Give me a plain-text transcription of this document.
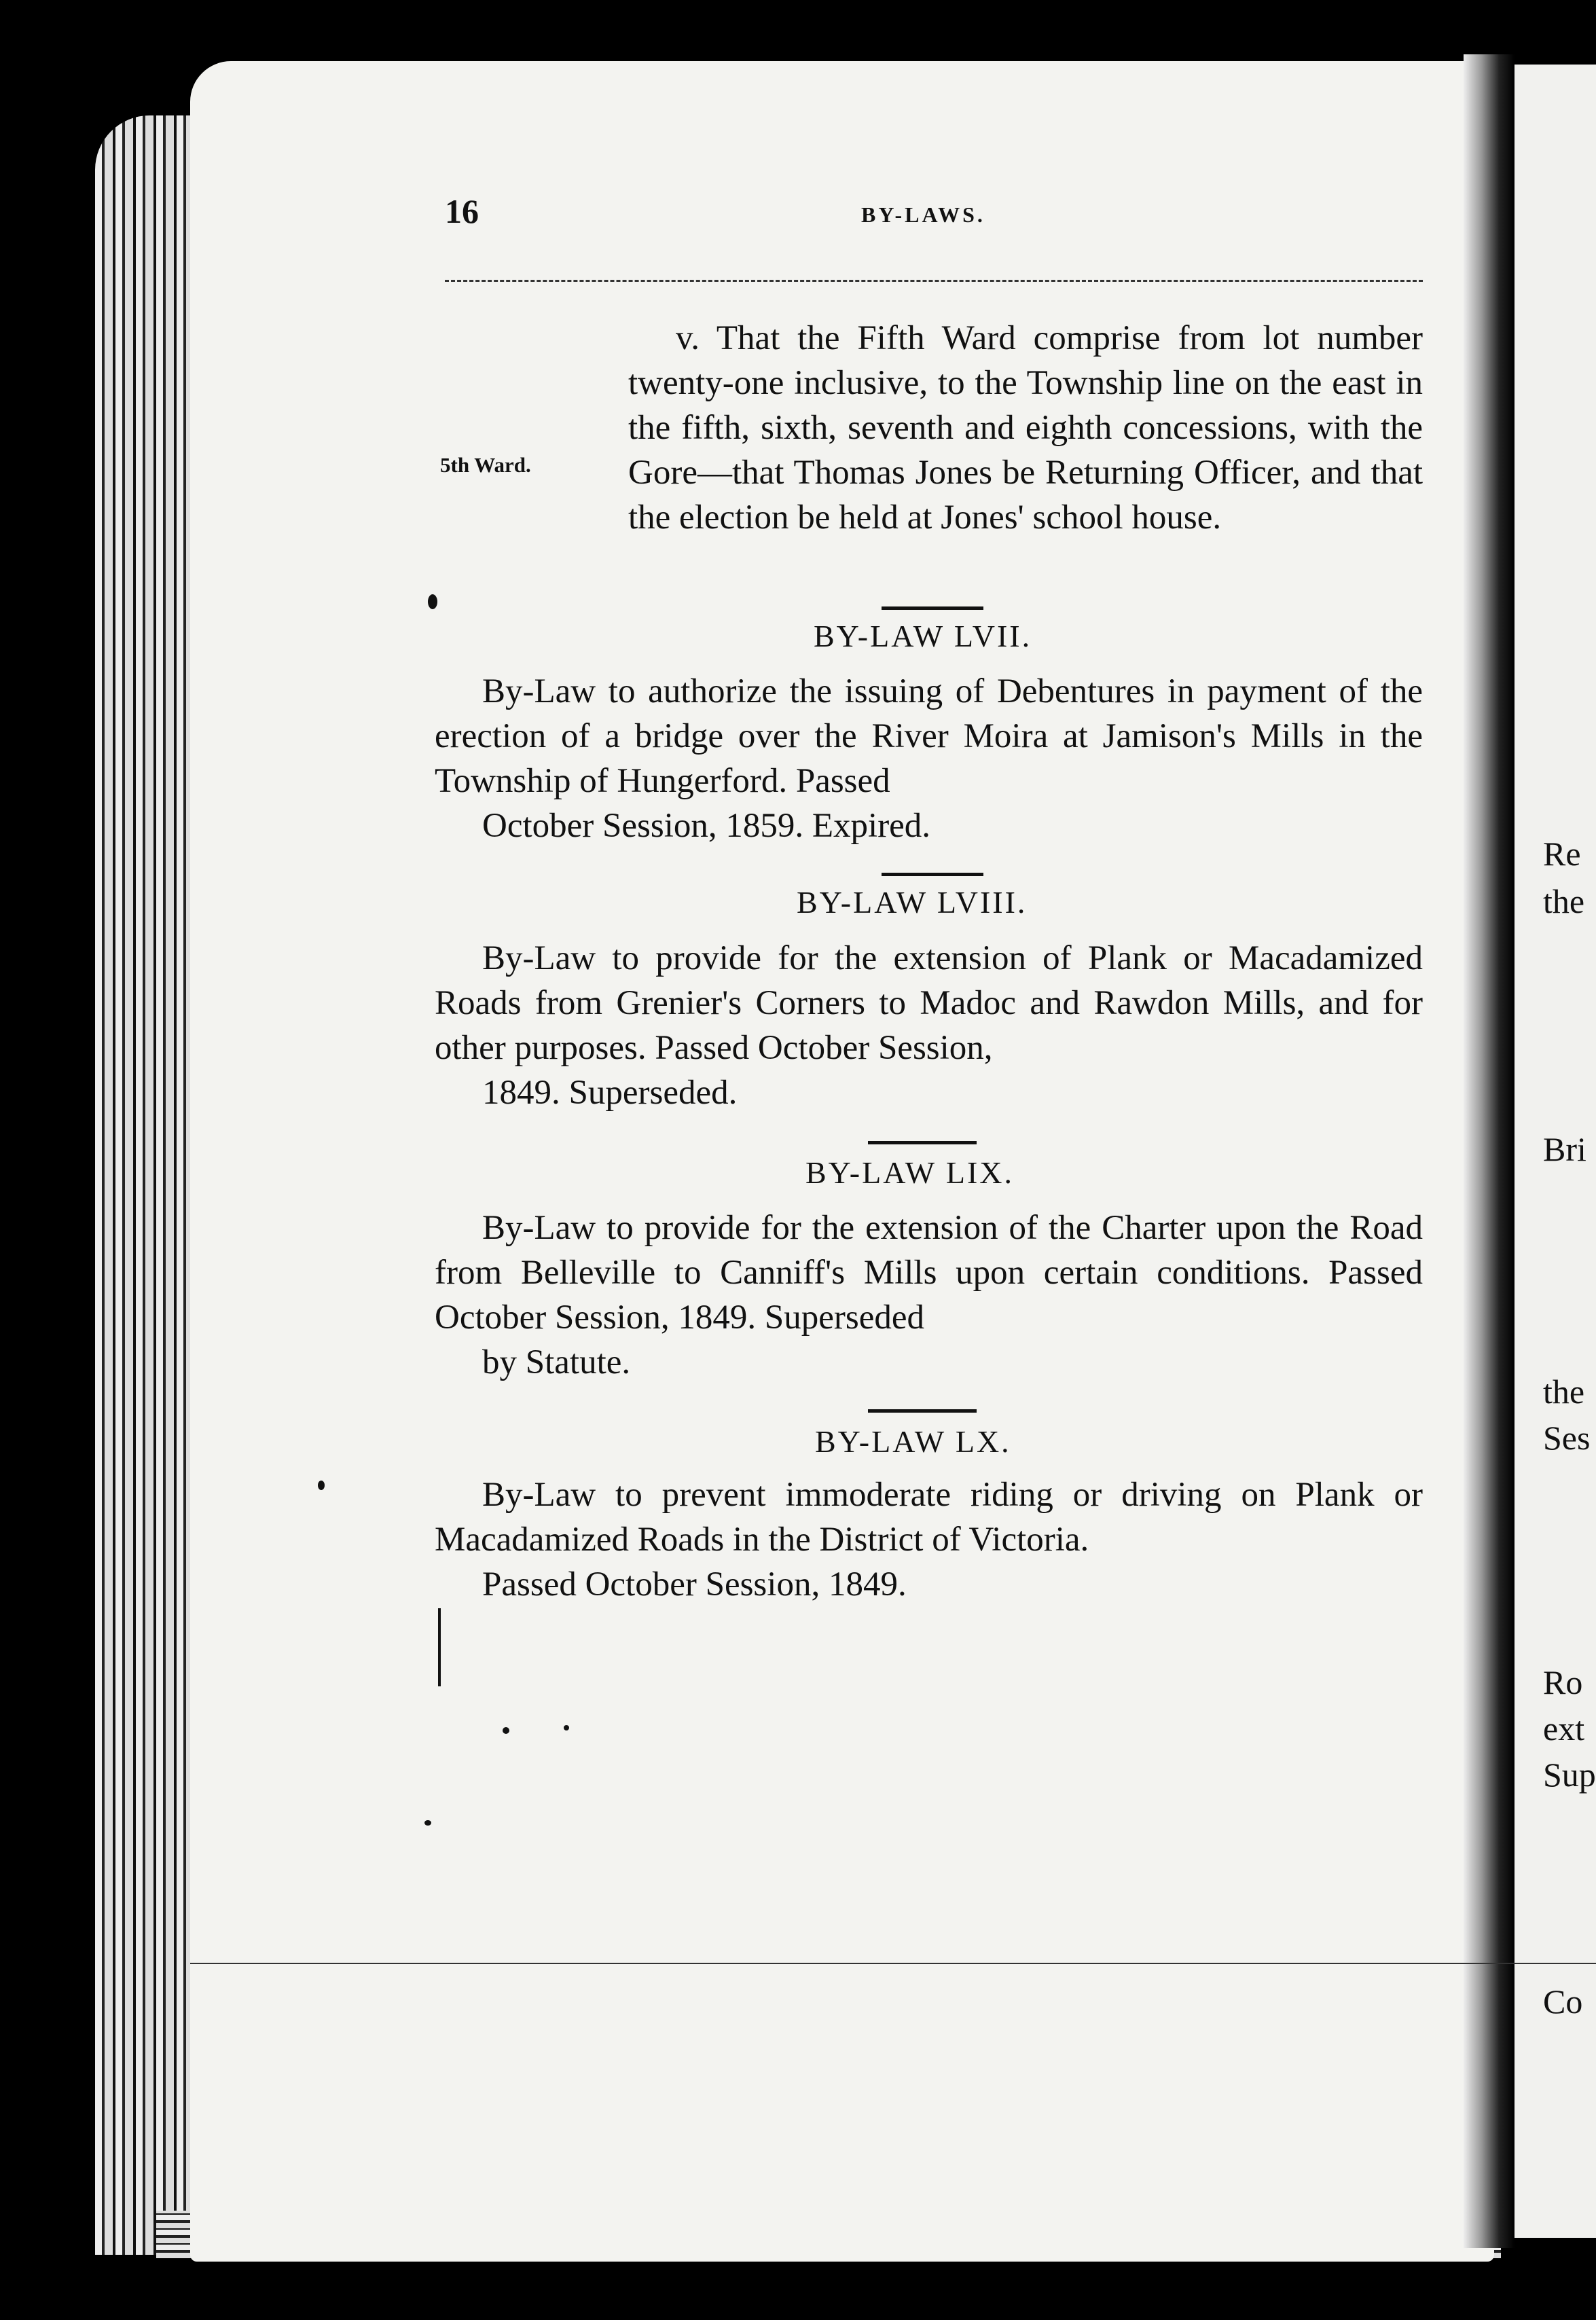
16	BY-LAWS.
5th Ward.
v. That the Fifth Ward comprise from lot number twenty-one inclusive, to the Township line on the east in the fifth, sixth, seventh and eighth concessions, with the Gore—that Thomas Jones be Returning Officer, and that the election be held at Jones' school house.
BY-LAW LVII.
By-Law to authorize the issuing of Debentures in payment of the erection of a bridge over the River Moira at Jamison's Mills in the Township of Hungerford. Passed
October Session, 1859. Expired.
BY-LAW LVIII.
By-Law to provide for the extension of Plank or Macadamized Roads from Grenier's Corners to Madoc and Rawdon Mills, and for other purposes. Passed October Session,
1849. Superseded.
BY-LAW LIX.
By-Law to provide for the extension of the Charter upon the Road from Belleville to Canniff's Mills upon certain conditions. Passed October Session, 1849. Superseded
by Statute.
BY-LAW LX.
By-Law to prevent immoderate riding or driving on Plank or Macadamized Roads in the District of Victoria.
Passed October Session, 1849.
Re
the
Bri
the
Ses
Ro
ext
Sup
Co
